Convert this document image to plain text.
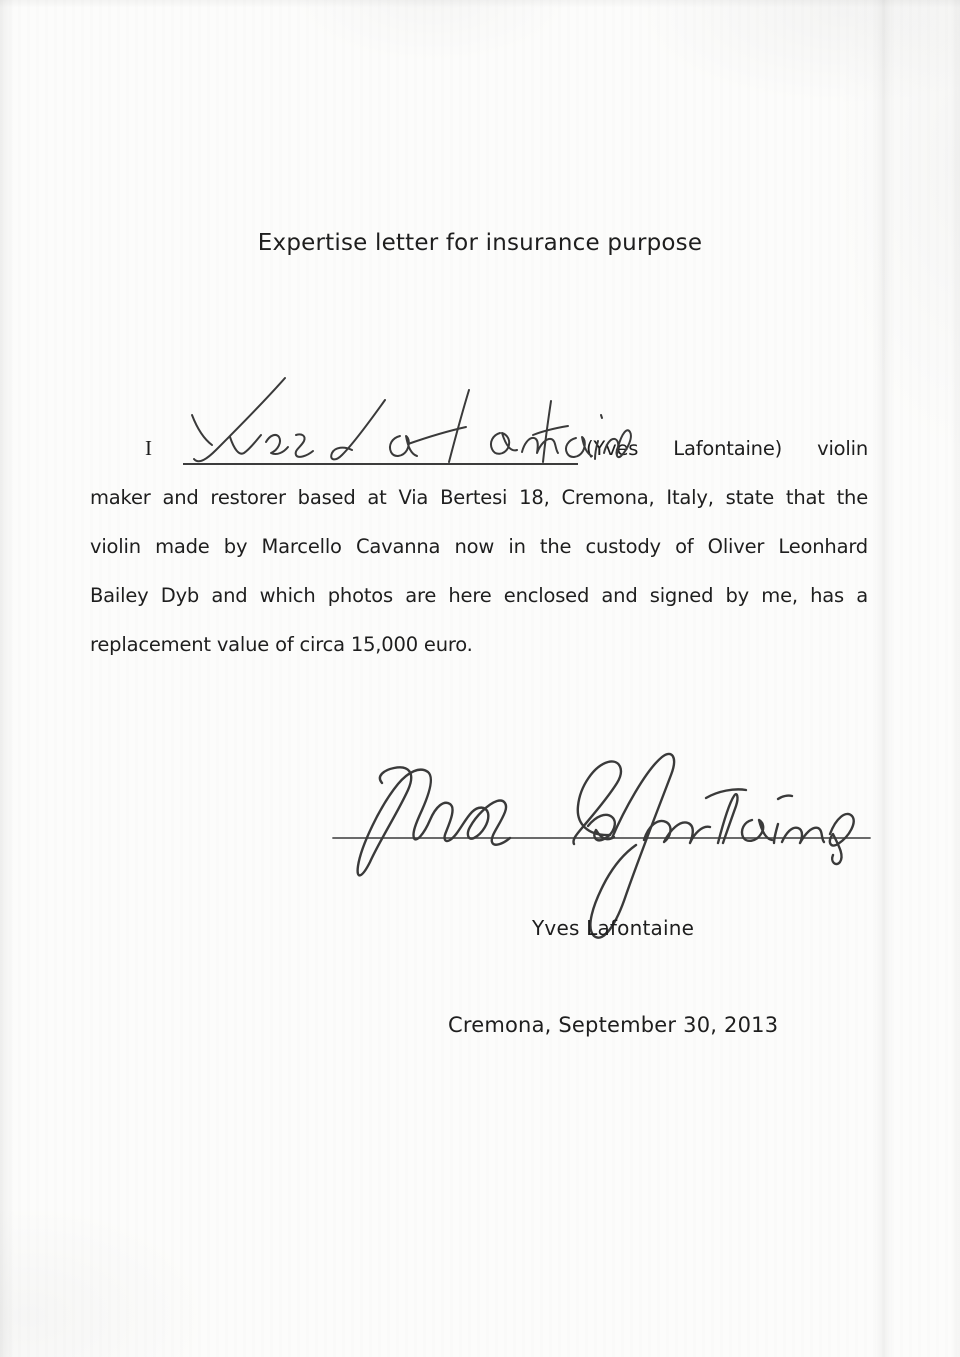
Expertise letter for insurance purpose
I	(Yves Lafontaine) violin
maker and restorer based at Via Bertesi 18, Cremona, Italy, state that the
violin made by Marcello Cavanna now in the custody of Oliver Leonhard
Bailey Dyb and which photos are here enclosed and signed by me, has a
replacement value of circa 15,000 euro.
Yves Lafontaine
Cremona, September 30, 2013
